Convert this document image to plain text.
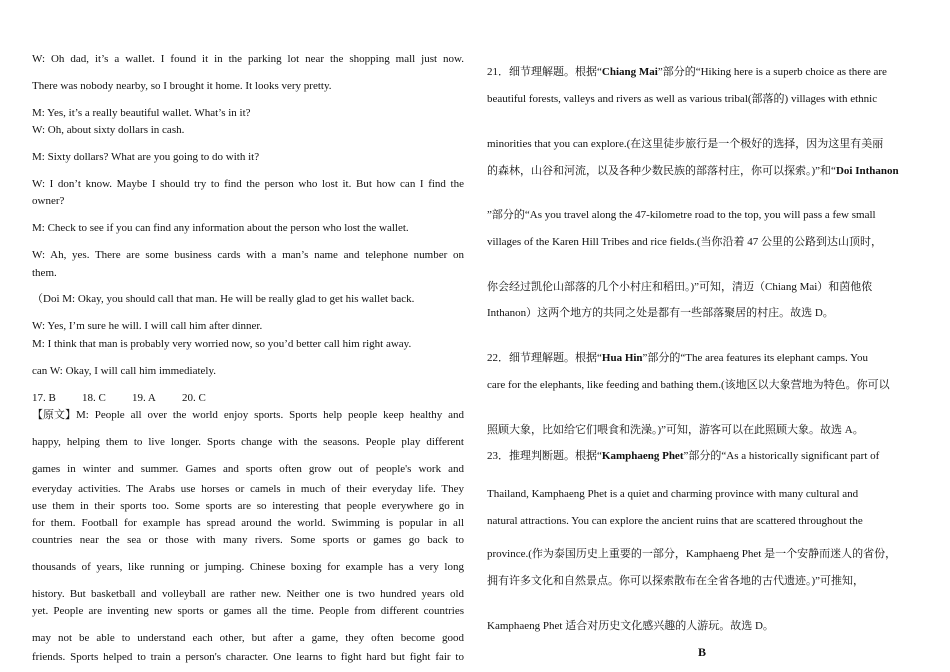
W: Oh dad, it’s a wallet. I found it in the parking lot near the shopping mall just now.
There was nobody nearby, so I brought it home. It looks very pretty.
M: Yes, it’s a really beautiful wallet. What’s in it?
W: Oh, about sixty dollars in cash.
M: Sixty dollars? What are you going to do with it?
W: I don’t know. Maybe I should try to find the person who lost it. But how can I find the
owner?
M: Check to see if you can find any information about the person who lost the wallet.
W: Ah, yes. There are some business cards with a man’s name and telephone number on
them.
（Doi M: Okay, you should call that man. He will be really glad to get his wallet back.
W: Yes, I’m sure he will. I will call him after dinner.
M: I think that man is probably very worried now, so you’d better call him right away.
can W: Okay, I will call him immediately.
17. B 18. C 19. A 20. C
【原文】 M: People all over the world enjoy sports. Sports help people keep healthy and
happy, helping them to live longer. Sports change with the seasons. People play different
games in winter and summer. Games and sports often grow out of people's work and
everyday activities. The Arabs use horses or camels in much of their everyday life. They
use them in their sports too. Some sports are so interesting that people everywhere go in
for them. Football for example has spread around the world. Swimming is popular in all
countries near the sea or those with many rivers. Some sports or games go back to
thousands of years, like running or jumping. Chinese boxing for example has a very long
history. But basketball and volleyball are rather new. Neither one is two hundred years old
yet. People are inventing new sports or games all the time. People from different countries
may not be able to understand each other, but after a game, they often become good
friends. Sports helped to train a person's character. One learns to fight hard but fight fair to
21．细节理解题。根据“Chiang Mai”部分的“Hiking here is a superb choice as there are
beautiful forests, valleys and rivers as well as various tribal(部落的) villages with ethnic
minorities that you can explore.(在这里徒步旅行是一个极好的选择，因为这里有美丽
的森林，山谷和河流，以及各种少数民族的部落村庄，你可以探索。)”和“Doi Inthanon
”部分的“As you travel along the 47-kilometre road to the top, you will pass a few small
villages of the Karen Hill Tribes and rice fields.(当你沿着 47 公里的公路到达山顶时，
你会经过凯伦山部落的几个小村庄和稻田。)”可知，清迈（Chiang Mai）和茵他侬
Inthanon）这两个地方的共同之处是都有一些部落聚居的村庄。故选 D。
22．细节理解题。根据“Hua Hin”部分的“The area features its elephant camps. You
care for the elephants, like feeding and bathing them.(该地区以大象营地为特色。你可以
照顾大象，比如给它们喂食和洗澡。)”可知，游客可以在此照顾大象。故选 A。
23．推理判断题。根据“Kamphaeng Phet”部分的“As a historically significant part of
Thailand, Kamphaeng Phet is a quiet and charming province with many cultural and
natural attractions. You can explore the ancient ruins that are scattered throughout the
province.(作为泰国历史上重要的一部分，Kamphaeng Phet 是一个安静而迷人的省份，
拥有许多文化和自然景点。你可以探索散布在全省各地的古代遗迹。)”可推知，
Kamphaeng Phet 适合对历史文化感兴趣的人游玩。故选 D。
B
